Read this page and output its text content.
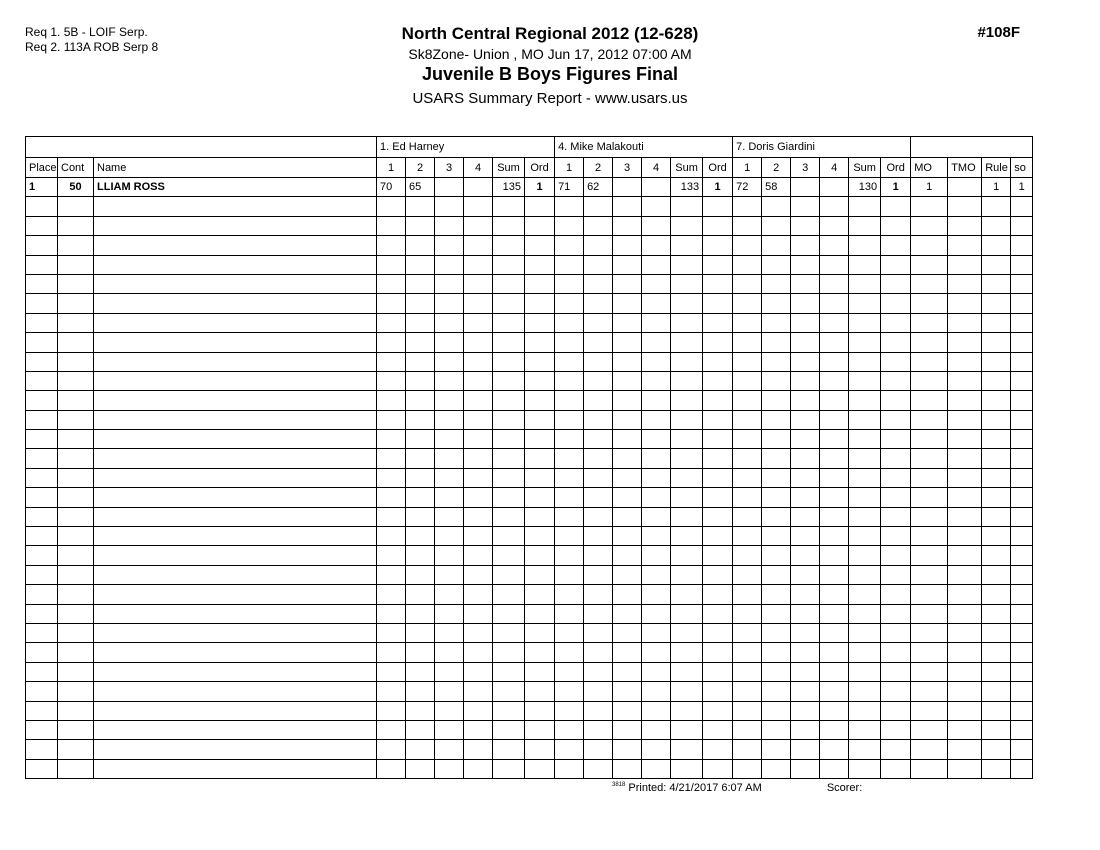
Req 1. 5B - LOIF Serp.
Req 2. 113A ROB Serp 8
North Central Regional 2012 (12-628)
Sk8Zone- Union , MO Jun 17, 2012 07:00 AM
Juvenile B Boys Figures Final
USARS Summary Report - www.usars.us
#108F
			1. Ed Harney						4. Mike Malakouti						7. Doris Giardini									
Place	Cont	Name	1	2	3	4	Sum	Ord	1	2	3	4	Sum	Ord	1	2	3	4	Sum	Ord	MO	TMO	Rule	so
1	50	LLIAM ROSS	70	65			135	1	71	62			133	1	72	58			130	1	1		1	1

$^{3818}$ Printed: 4/21/2017 6:07 AM	Scorer:
